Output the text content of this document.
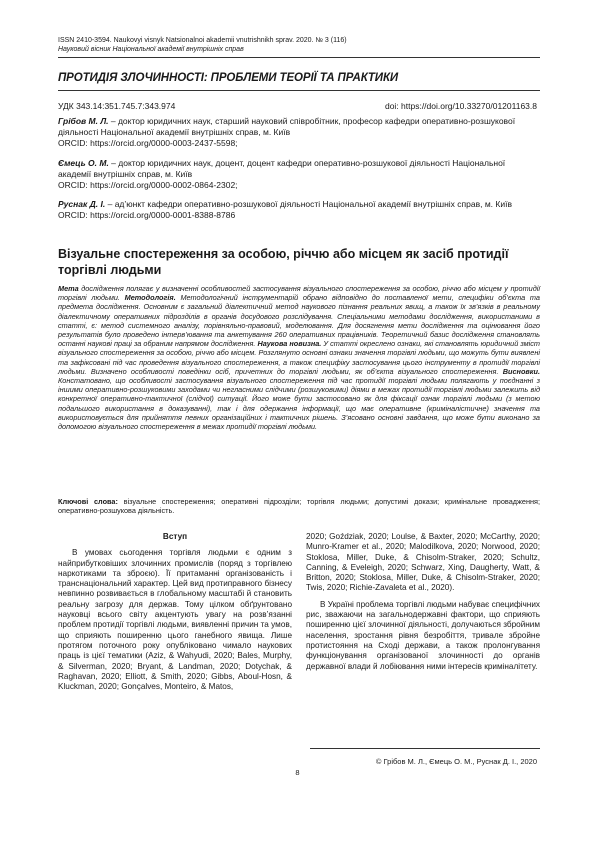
ISSN 2410-3594. Naukovyi visnyk Natsionalnoi akademii vnutrishnikh sprav. 2020. № 3 (116)
Науковий вісник Національної академії внутрішніх справ
ПРОТИДІЯ ЗЛОЧИННОСТІ: ПРОБЛЕМИ ТЕОРІЇ ТА ПРАКТИКИ
УДК 343.14:351.745.7:343.974	doi: https://doi.org/10.33270/01201163.8
Грібов М. Л. – доктор юридичних наук, старший науковий співробітник, професор кафедри оперативно-розшукової діяльності Національної академії внутрішніх справ, м. Київ
ORCID: https://orcid.org/0000-0003-2437-5598;
Ємець О. М. – доктор юридичних наук, доцент, доцент кафедри оперативно-розшукової діяльності Національної академії внутрішніх справ, м. Київ
ORCID: https://orcid.org/0000-0002-0864-2302;
Руснак Д. І. – ад’юнкт кафедри оперативно-розшукової діяльності Національної академії внутрішніх справ, м. Київ
ORCID: https://orcid.org/0000-0001-8388-8786
Візуальне спостереження за особою, річчю або місцем як засіб протидії торгівлі людьми
Мета дослідження полягає у визначенні особливостей застосування візуального спостереження за особою, річчю або місцем у протидії торгівлі людьми. Методологія. Методологічний інструментарій обрано відповідно до поставленої мети, специфіки об’єкта та предмета дослідження. Основним є загальний діалектичний метод наукового пізнання реальних явищ, а також їх зв’язків в реальному діалектичному оперативних підрозділів в органів досудового розслідування. Спеціальними методами дослідження, використаними в статті, є: метод системного аналізу, порівняльно-правовий, моделювання. Для досягнення мети дослідження та оцінювання його результатів було проведено інтерв’ювання та анкетування 260 оперативних працівників. Теоретичний базис дослідження становлять останні наукові праці за обраним напрямом дослідження. Наукова новизна. У статті окреслено ознаки, які становлять юридичний зміст візуального спостереження за особою, річчю або місцем. Розглянуто основні ознаки значення торгівлі людьми, що можуть бути виявлені та зафіксовані під час проведення візуального спостереження, а також специфіку застосування цього інструменту в протидії торгівлі людьми. Визначено особливості поведінки осіб, причетних до торгівлі людьми, як об’єкта візуального спостереження. Висновки. Констатовано, що особливості застосування візуального спостереження під час протидії торгівлі людьми полягають у поєднанні з іншими оперативно-розшуковими заходами чи негласними слідчими (розшуковими) діями в межах протидії торгівлі людьми залежить від конкретної оперативно-тактичної (слідчої) ситуації. Його може бути застосовано як для фіксації ознак торгівлі людьми (з метою подальшого використання в доказуванні), так і для одержання інформації, що має оперативне (криміналістичне) значення та використовується для прийняття певних організаційних і тактичних рішень. З’ясовано основні завдання, що може бути виконано за допомогою візуального спостереження в межах протидії торгівлі людьми.
Ключові слова: візуальне спостереження; оперативні підрозділи; торгівля людьми; допустимі докази; кримінальне провадження; оперативно-розшукова діяльність.
Вступ

В умовах сьогодення торгівля людьми є одним з найприбутковіших злочинних промислів (поряд з торгівлею наркотиками та зброєю). Її притаманні організованість і транснаціональний характер. Цей вид протиправного бізнесу невпинно розвивається в глобальному масштабі й становить реальну загрозу для держав. Тому цілком обґрунтовано науковці всього світу акцентують увагу на розв’язанні проблем протидії торгівлі людьми, виявленні причин та умов, що сприяють поширенню цього ганебного явища. Лише протягом поточного року опубліковано чимало наукових праць із цієї тематики (Aziz, & Wahyudi, 2020; Bales, Murphy, & Silverman, 2020; Bryant, & Landman, 2020; Dotychak, & Raghavan, 2020; Elliott, & Smith, 2020; Gibbs, Aboul-Hosn, & Kluckman, 2020; Gonçalves, Monteiro, & Matos,

2020; Goździak, 2020; Loulse, & Baxter, 2020; McCarthy, 2020; Munro-Kramer et al., 2020; Malodilkova, 2020; Norwood, 2020; Stoklosa, Miller, Duke, & Chisolm-Straker, 2020; Schultz, Canning, & Eveleigh, 2020; Schwarz, Xing, Daugherty, Watt, & Britton, 2020; Stoklosa, Miller, Duke, & Chisolm-Straker, 2020; Twis, 2020; Richie-Zavaleta et al., 2020).

В Україні проблема торгівлі людьми набуває специфічних рис, зважаючи на загальнодержавні фактори, що сприяють поширенню цієї злочинної діяльності, долучаються збройним населення, зростання рівня безробіття, тривале збройне протистояння на Сході держави, а також пролонгування функціонування організованої злочинності до органів державної влади й лобіювання ними інтересів криміналітету.

© Грібов М. Л., Ємець О. М., Руснак Д. І., 2020
8
